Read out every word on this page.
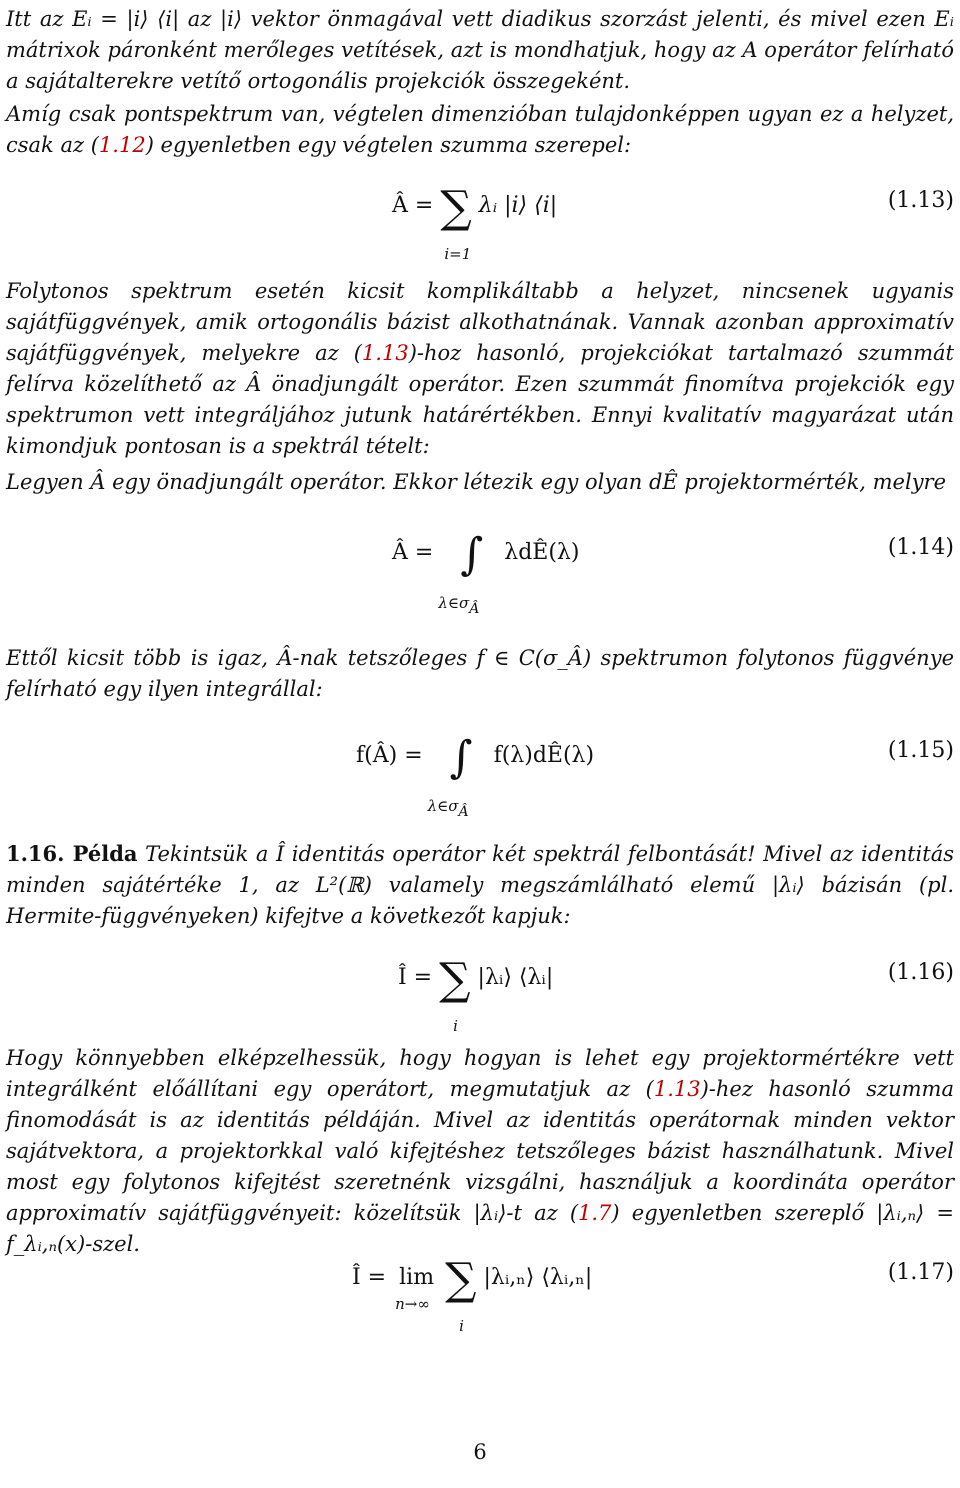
Itt az Eᵢ = |i⟩ ⟨i| az |i⟩ vektor önmagával vett diadikus szorzást jelenti, és mivel ezen Eᵢ mátrixok páronként merőleges vetítések, azt is mondhatjuk, hogy az A operátor felírható a sajátalterekre vetítő ortogonális projekciók összegeként.

Amíg csak pontspektrum van, végtelen dimenzióban tulajdonképpen ugyan ez a helyzet, csak az (1.12) egyenletben egy végtelen szumma szerepel:

Â = ∑
i=1
λᵢ |i⟩ ⟨i|	(1.13)

Folytonos spektrum esetén kicsit komplikáltabb a helyzet, nincsenek ugyanis sajátfüggvények, amik ortogonális bázist alkothatnának. Vannak azonban approximatív sajátfüggvények, melyekre az (1.13)-hoz hasonló, projekciókat tartalmazó szummát felírva közelíthető az Â önadjungált operátor. Ezen szummát finomítva projekciók egy spektrumon vett integráljához jutunk határértékben. Ennyi kvalitatív magyarázat után kimondjuk pontosan is a spektrál tételt:

Legyen Â egy önadjungált operátor. Ekkor létezik egy olyan dÊ projektormérték, melyre

Â = ∫
λ∈σÂ
λdÊ(λ)	(1.14)

Ettől kicsit több is igaz, Â-nak tetszőleges f ∈ C(σ_Â) spektrumon folytonos függvénye felírható egy ilyen integrállal:

f(Â) = ∫
λ∈σÂ
f(λ)dÊ(λ)	(1.15)

1.16. Példa Tekintsük a Î identitás operátor két spektrál felbontását! Mivel az identitás minden sajátértéke 1, az L²(ℝ) valamely megszámlálható elemű |λᵢ⟩ bázisán (pl. Hermite-függvényeken) kifejtve a következőt kapjuk:

Î = ∑
i
|λᵢ⟩ ⟨λᵢ|	(1.16)

Hogy könnyebben elképzelhessük, hogy hogyan is lehet egy projektormértékre vett integrálként előállítani egy operátort, megmutatjuk az (1.13)-hez hasonló szumma finomodását is az identitás példáján. Mivel az identitás operátornak minden vektor sajátvektora, a projektorkkal való kifejtéshez tetszőleges bázist használhatunk. Mivel most egy folytonos kifejtést szeretnénk vizsgálni, használjuk a koordináta operátor approximatív sajátfüggvényeit: közelítsük |λᵢ⟩-t az (1.7) egyenletben szereplő |λᵢ,ₙ⟩ = f_λᵢ,ₙ(x)-szel.

Î = lim
n→∞ ∑
i
|λᵢ,ₙ⟩ ⟨λᵢ,ₙ|	(1.17)
6
